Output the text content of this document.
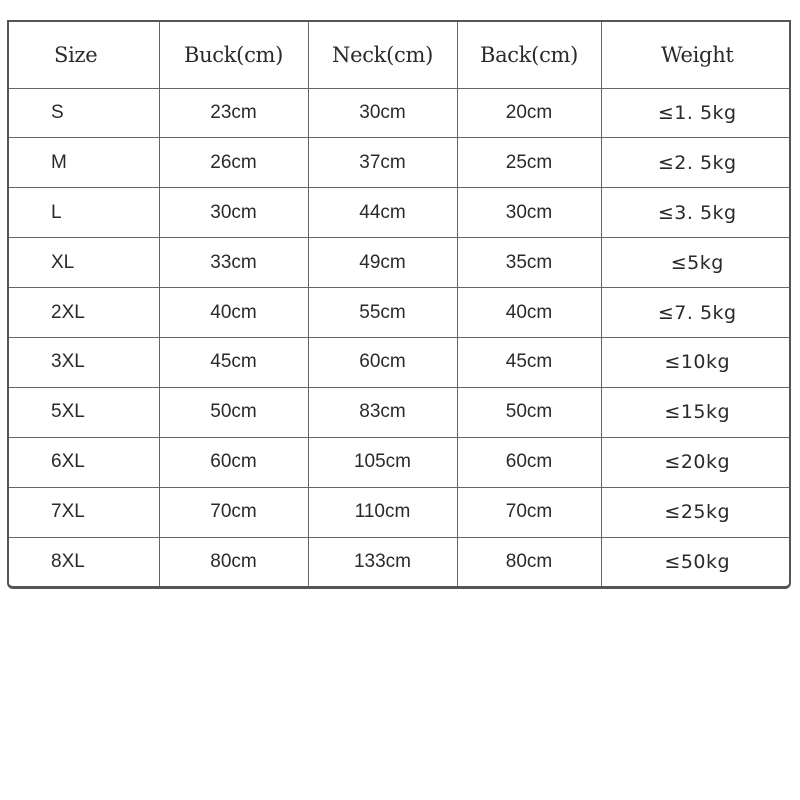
Size	Buck(cm)	Neck(cm)	Back(cm)	Weight
S	23cm	30cm	20cm	≤1. 5kg
M	26cm	37cm	25cm	≤2. 5kg
L	30cm	44cm	30cm	≤3. 5kg
XL	33cm	49cm	35cm	≤5kg
2XL	40cm	55cm	40cm	≤7. 5kg
3XL	45cm	60cm	45cm	≤10kg
5XL	50cm	83cm	50cm	≤15kg
6XL	60cm	105cm	60cm	≤20kg
7XL	70cm	110cm	70cm	≤25kg
8XL	80cm	133cm	80cm	≤50kg
